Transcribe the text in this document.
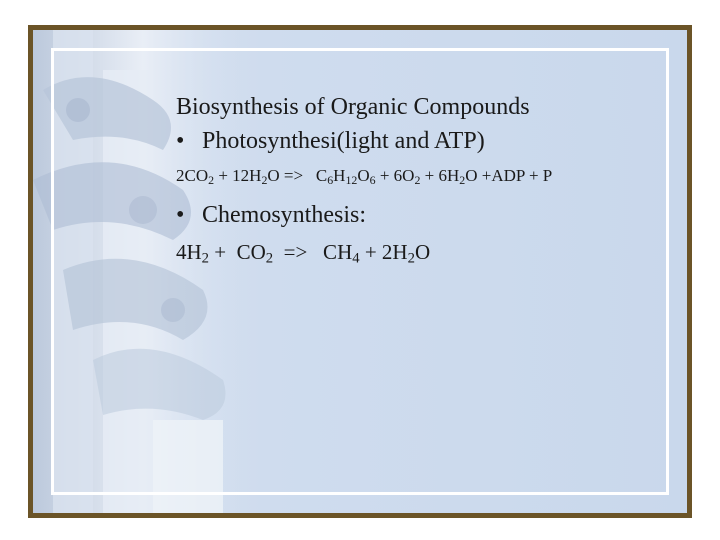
Biosynthesis of Organic Compounds
• Photosynthesi(light and ATP)
$2CO_2 + 12H_2O => C_6H_{12}O_6 + 6O_2 + 6H_2O +ADP + P$
• Chemosynthesis:
$4H_2 + CO_2 => CH_4 + 2H_2O$
